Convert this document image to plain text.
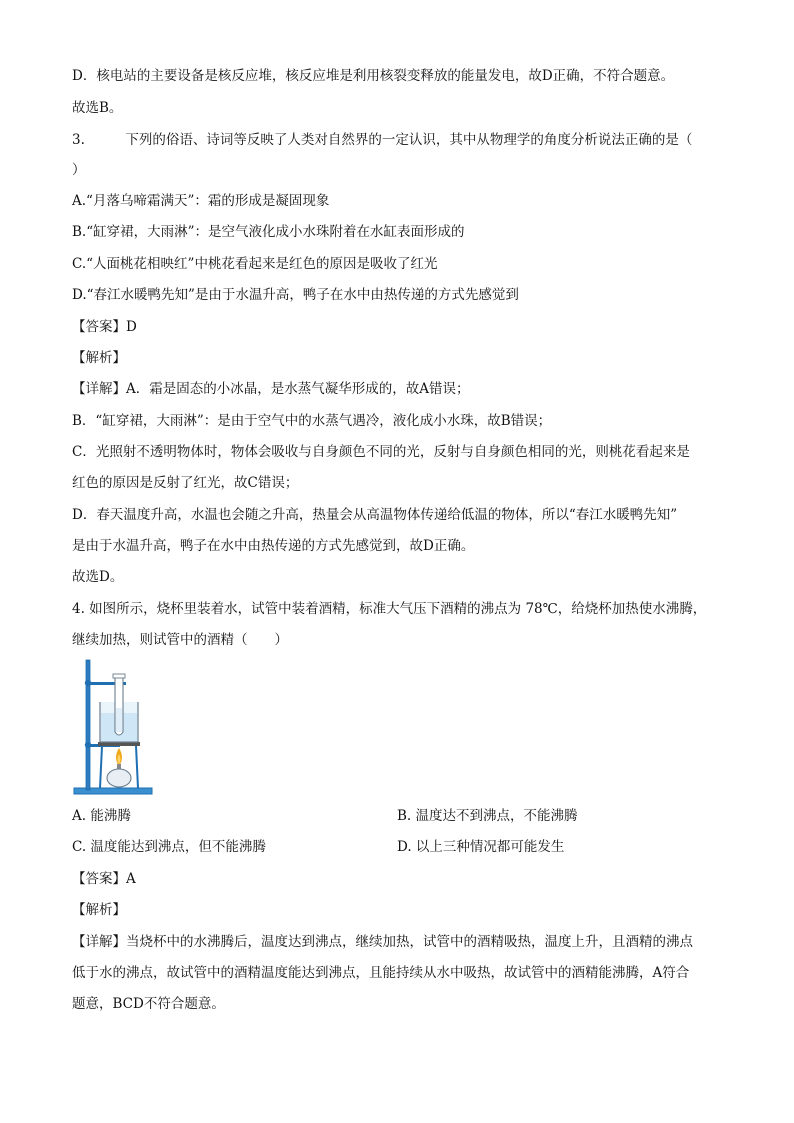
D．核电站的主要设备是核反应堆，核反应堆是利用核裂变释放的能量发电，故D正确，不符合题意。
故选B。
3.　　　下列的俗语、诗词等反映了人类对自然界的一定认识，其中从物理学的角度分析说法正确的是（
）
A.“月落乌啼霜满天”：霜的形成是凝固现象
B.“缸穿裙，大雨淋”：是空气液化成小水珠附着在水缸表面形成的
C.“人面桃花相映红”中桃花看起来是红色的原因是吸收了红光
D.“春江水暖鸭先知”是由于水温升高，鸭子在水中由热传递的方式先感觉到
【答案】D
【解析】
【详解】A．霜是固态的小冰晶，是水蒸气凝华形成的，故A错误；
B．“缸穿裙，大雨淋”：是由于空气中的水蒸气遇冷，液化成小水珠，故B错误；
C．光照射不透明物体时，物体会吸收与自身颜色不同的光，反射与自身颜色相同的光，则桃花看起来是
红色的原因是反射了红光，故C错误；
D．春天温度升高，水温也会随之升高，热量会从高温物体传递给低温的物体，所以“春江水暖鸭先知”
是由于水温升高，鸭子在水中由热传递的方式先感觉到，故D正确。
故选D。
4. 如图所示，烧杯里装着水，试管中装着酒精，标准大气压下酒精的沸点为 78℃，给烧杯加热使水沸腾，
继续加热，则试管中的酒精（　　）
A. 能沸腾	B. 温度达不到沸点，不能沸腾
C. 温度能达到沸点，但不能沸腾	D. 以上三种情况都可能发生
【答案】A
【解析】
【详解】当烧杯中的水沸腾后，温度达到沸点，继续加热，试管中的酒精吸热，温度上升，且酒精的沸点
低于水的沸点，故试管中的酒精温度能达到沸点，且能持续从水中吸热，故试管中的酒精能沸腾，A符合
题意，BCD不符合题意。
